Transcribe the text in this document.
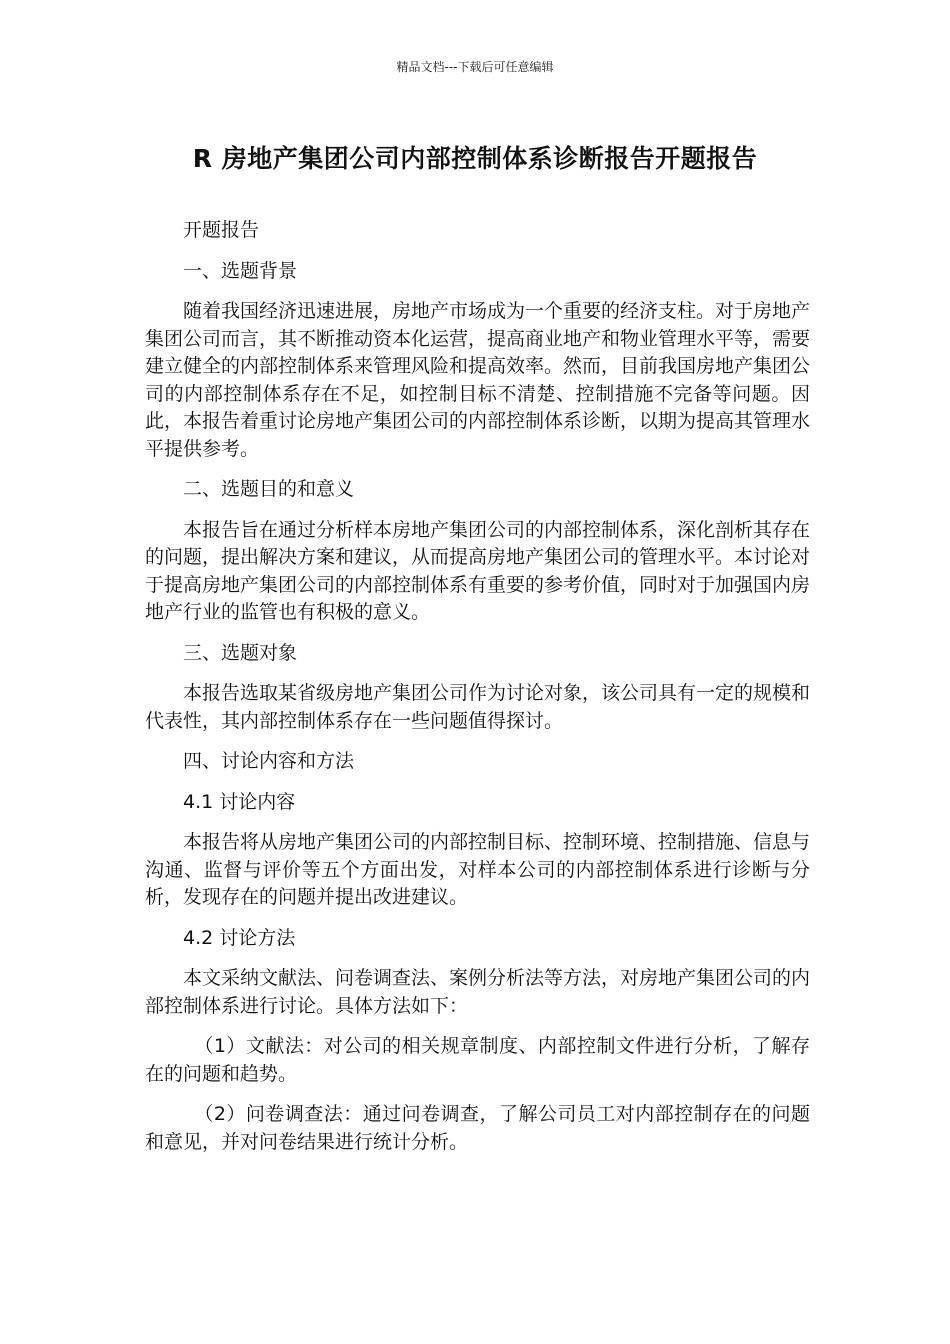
精品文档---下载后可任意编辑
R 房地产集团公司内部控制体系诊断报告开题报告

开题报告

一、选题背景

随着我国经济迅速进展，房地产市场成为一个重要的经济支柱。对于房地产集团公司而言，其不断推动资本化运营，提高商业地产和物业管理水平等，需要建立健全的内部控制体系来管理风险和提高效率。然而，目前我国房地产集团公司的内部控制体系存在不足，如控制目标不清楚、控制措施不完备等问题。因此，本报告着重讨论房地产集团公司的内部控制体系诊断，以期为提高其管理水平提供参考。

二、选题目的和意义

本报告旨在通过分析样本房地产集团公司的内部控制体系，深化剖析其存在的问题，提出解决方案和建议，从而提高房地产集团公司的管理水平。本讨论对于提高房地产集团公司的内部控制体系有重要的参考价值，同时对于加强国内房地产行业的监管也有积极的意义。

三、选题对象

本报告选取某省级房地产集团公司作为讨论对象，该公司具有一定的规模和代表性，其内部控制体系存在一些问题值得探讨。

四、讨论内容和方法

4.1 讨论内容

本报告将从房地产集团公司的内部控制目标、控制环境、控制措施、信息与沟通、监督与评价等五个方面出发，对样本公司的内部控制体系进行诊断与分析，发现存在的问题并提出改进建议。

4.2 讨论方法

本文采纳文献法、问卷调查法、案例分析法等方法，对房地产集团公司的内部控制体系进行讨论。具体方法如下：

（1）文献法：对公司的相关规章制度、内部控制文件进行分析，了解存在的问题和趋势。

（2）问卷调查法：通过问卷调查，了解公司员工对内部控制存在的问题和意见，并对问卷结果进行统计分析。
